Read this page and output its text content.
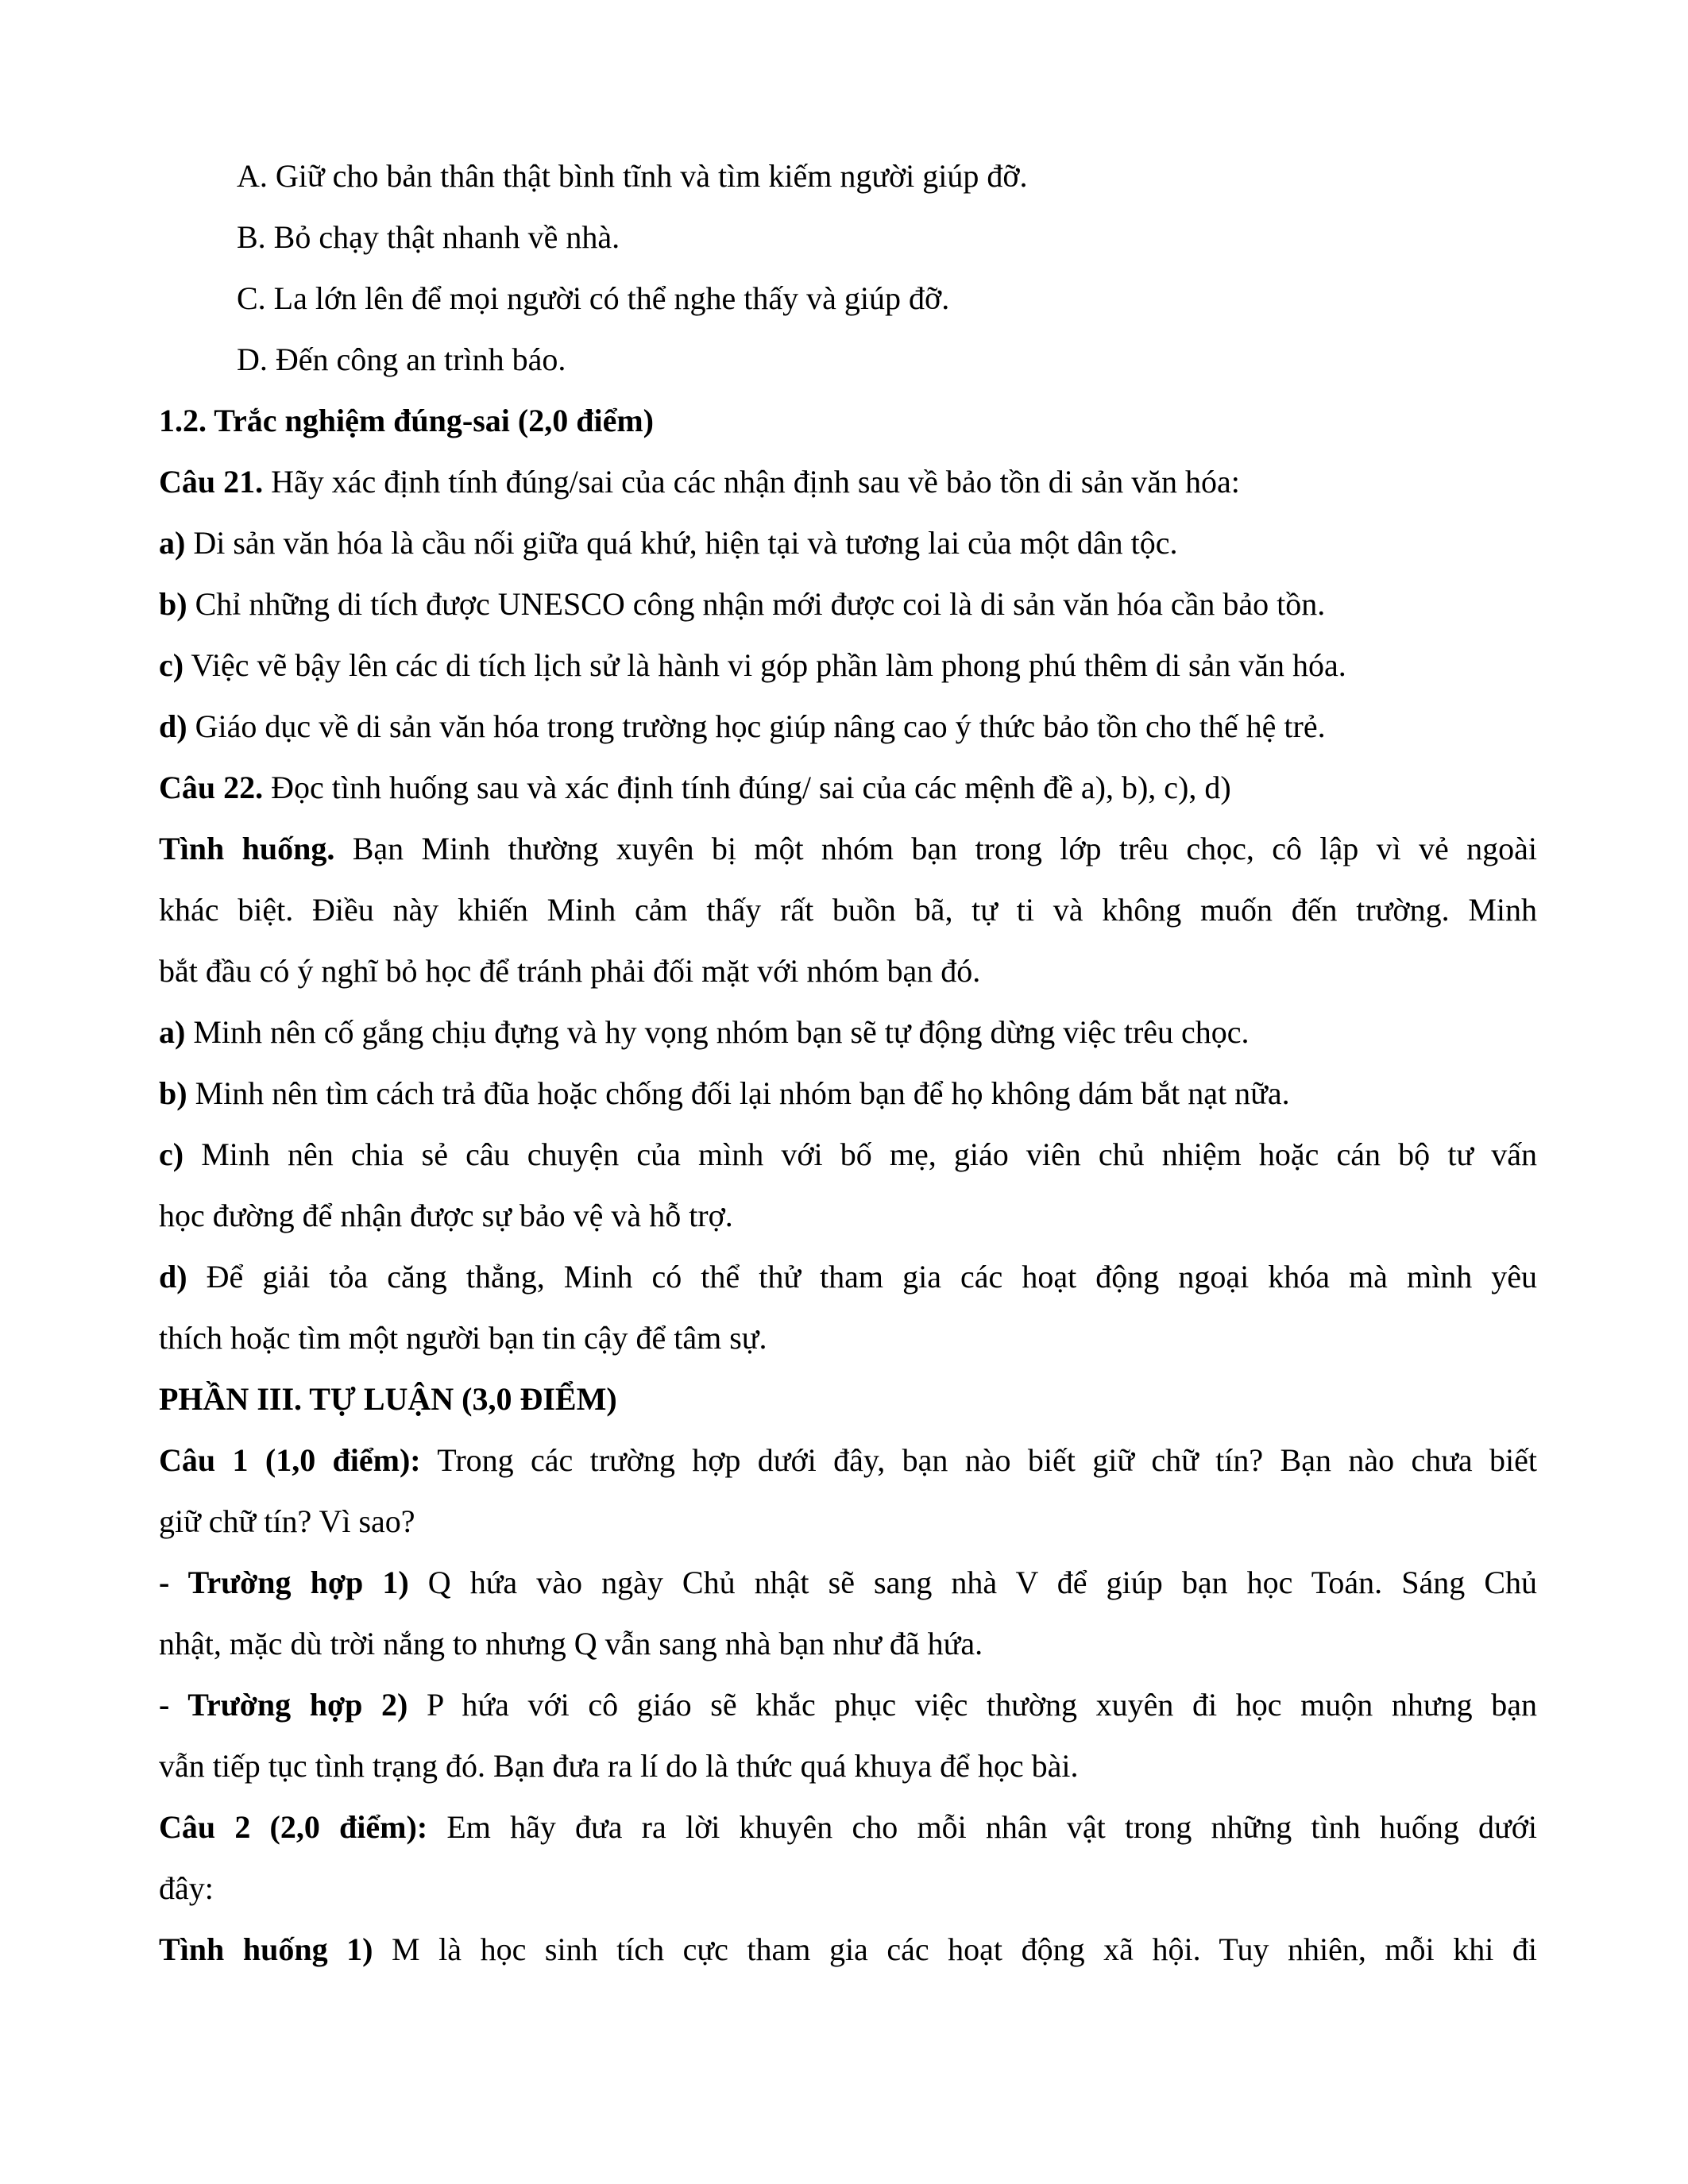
A. Giữ cho bản thân thật bình tĩnh và tìm kiếm người giúp đỡ.
B. Bỏ chạy thật nhanh về nhà.
C. La lớn lên để mọi người có thể nghe thấy và giúp đỡ.
D. Đến công an trình báo.
1.2. Trắc nghiệm đúng-sai (2,0 điểm)
Câu 21. Hãy xác định tính đúng/sai của các nhận định sau về bảo tồn di sản văn hóa:
a) Di sản văn hóa là cầu nối giữa quá khứ, hiện tại và tương lai của một dân tộc.
b) Chỉ những di tích được UNESCO công nhận mới được coi là di sản văn hóa cần bảo tồn.
c) Việc vẽ bậy lên các di tích lịch sử là hành vi góp phần làm phong phú thêm di sản văn hóa.
d) Giáo dục về di sản văn hóa trong trường học giúp nâng cao ý thức bảo tồn cho thế hệ trẻ.
Câu 22. Đọc tình huống sau và xác định tính đúng/ sai của các mệnh đề a), b), c), d)
Tình huống. Bạn Minh thường xuyên bị một nhóm bạn trong lớp trêu chọc, cô lập vì vẻ ngoài
khác biệt. Điều này khiến Minh cảm thấy rất buồn bã, tự ti và không muốn đến trường. Minh
bắt đầu có ý nghĩ bỏ học để tránh phải đối mặt với nhóm bạn đó.
a) Minh nên cố gắng chịu đựng và hy vọng nhóm bạn sẽ tự động dừng việc trêu chọc.
b) Minh nên tìm cách trả đũa hoặc chống đối lại nhóm bạn để họ không dám bắt nạt nữa.
c) Minh nên chia sẻ câu chuyện của mình với bố mẹ, giáo viên chủ nhiệm hoặc cán bộ tư vấn
học đường để nhận được sự bảo vệ và hỗ trợ.
d) Để giải tỏa căng thẳng, Minh có thể thử tham gia các hoạt động ngoại khóa mà mình yêu
thích hoặc tìm một người bạn tin cậy để tâm sự.
PHẦN III. TỰ LUẬN (3,0 ĐIỂM)
Câu 1 (1,0 điểm): Trong các trường hợp dưới đây, bạn nào biết giữ chữ tín? Bạn nào chưa biết
giữ chữ tín? Vì sao?
- Trường hợp 1) Q hứa vào ngày Chủ nhật sẽ sang nhà V để giúp bạn học Toán. Sáng Chủ
nhật, mặc dù trời nắng to nhưng Q vẫn sang nhà bạn như đã hứa.
- Trường hợp 2) P hứa với cô giáo sẽ khắc phục việc thường xuyên đi học muộn nhưng bạn
vẫn tiếp tục tình trạng đó. Bạn đưa ra lí do là thức quá khuya để học bài.
Câu 2 (2,0 điểm): Em hãy đưa ra lời khuyên cho mỗi nhân vật trong những tình huống dưới
đây:
Tình huống 1) M là học sinh tích cực tham gia các hoạt động xã hội. Tuy nhiên, mỗi khi đi
